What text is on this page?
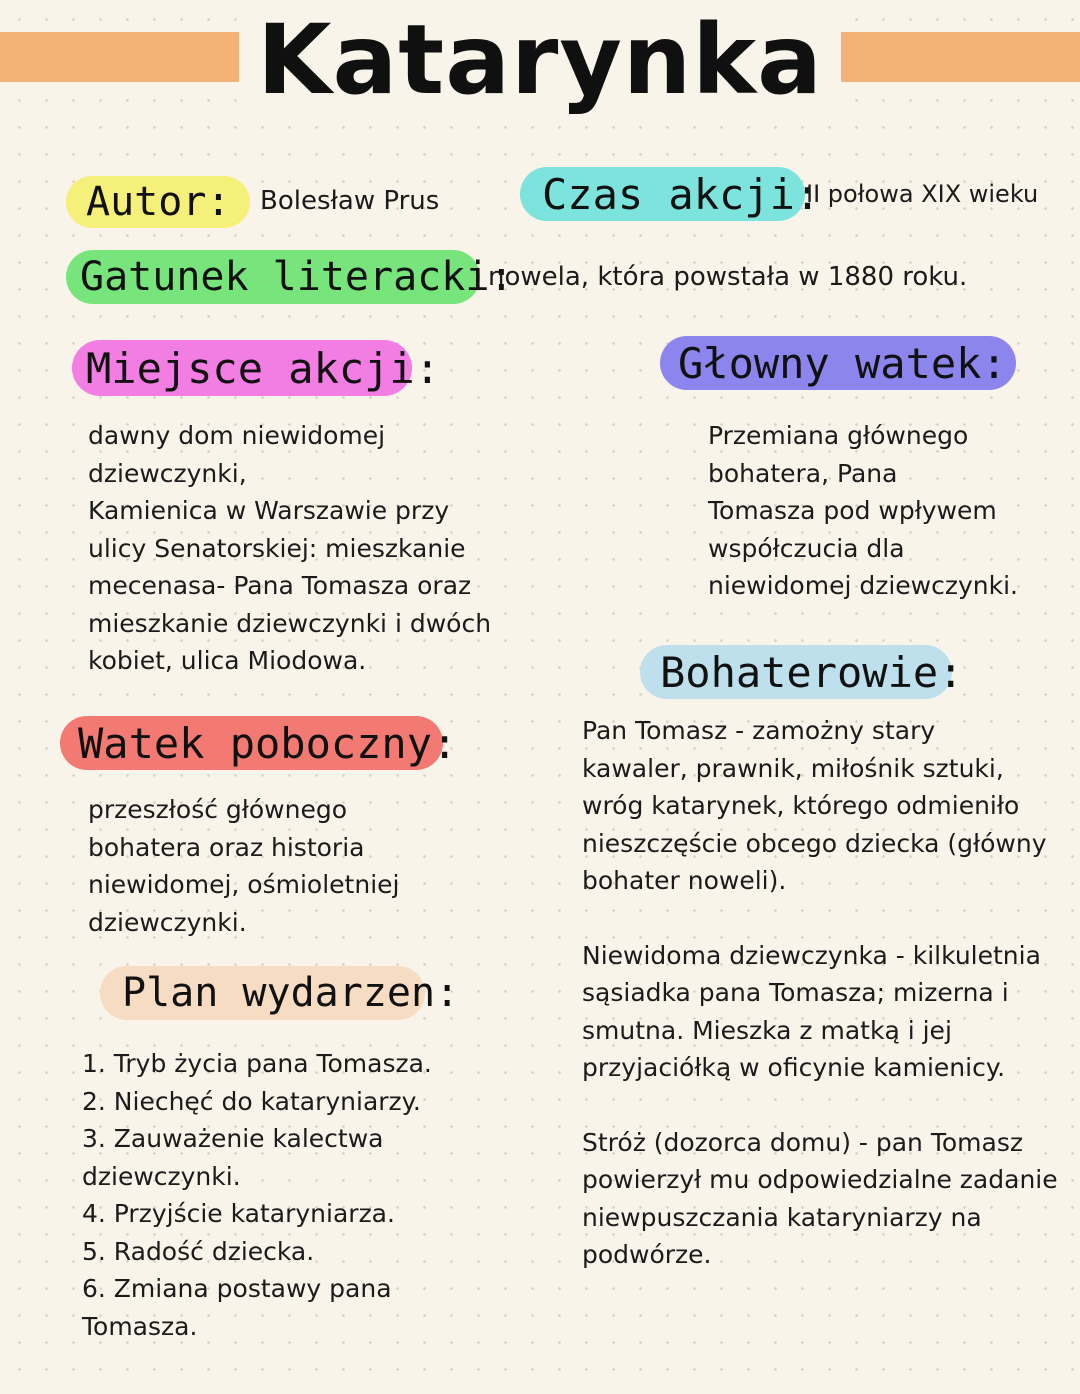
Katarynka
Autor: Bolesław Prus Czas akcji:
II połowa XIX wieku
Gatunek literacki:
nowela, która powstała w 1880 roku.
Miejsce akcji:

dawny dom niewidomej

dziewczynki,

Kamienica w Warszawie przy

ulicy Senatorskiej: mieszkanie

mecenasa- Pana Tomasza oraz

mieszkanie dziewczynki i dwóch

kobiet, ulica Miodowa.

Głowny watek:

Przemiana głównego

bohatera, Pana

Tomasza pod wpływem

współczucia dla

niewidomej dziewczynki.

Watek poboczny:

przeszłość głównego

bohatera oraz historia

niewidomej, ośmioletniej

dziewczynki.

Bohaterowie:

Pan Tomasz - zamożny stary

kawaler, prawnik, miłośnik sztuki,

wróg katarynek, którego odmieniło

nieszczęście obcego dziecka (główny

bohater noweli).

Niewidoma dziewczynka - kilkuletnia

sąsiadka pana Tomasza; mizerna i

smutna. Mieszka z matką i jej

przyjaciółką w oficynie kamienicy.

Stróż (dozorca domu) - pan Tomasz

powierzył mu odpowiedzialne zadanie

niewpuszczania kataryniarzy na

podwórze.

Plan wydarzen:

1. Tryb życia pana Tomasza.

2. Niechęć do kataryniarzy.

3. Zauważenie kalectwa

dziewczynki.

4. Przyjście kataryniarza.

5. Radość dziecka.

6. Zmiana postawy pana

Tomasza.
